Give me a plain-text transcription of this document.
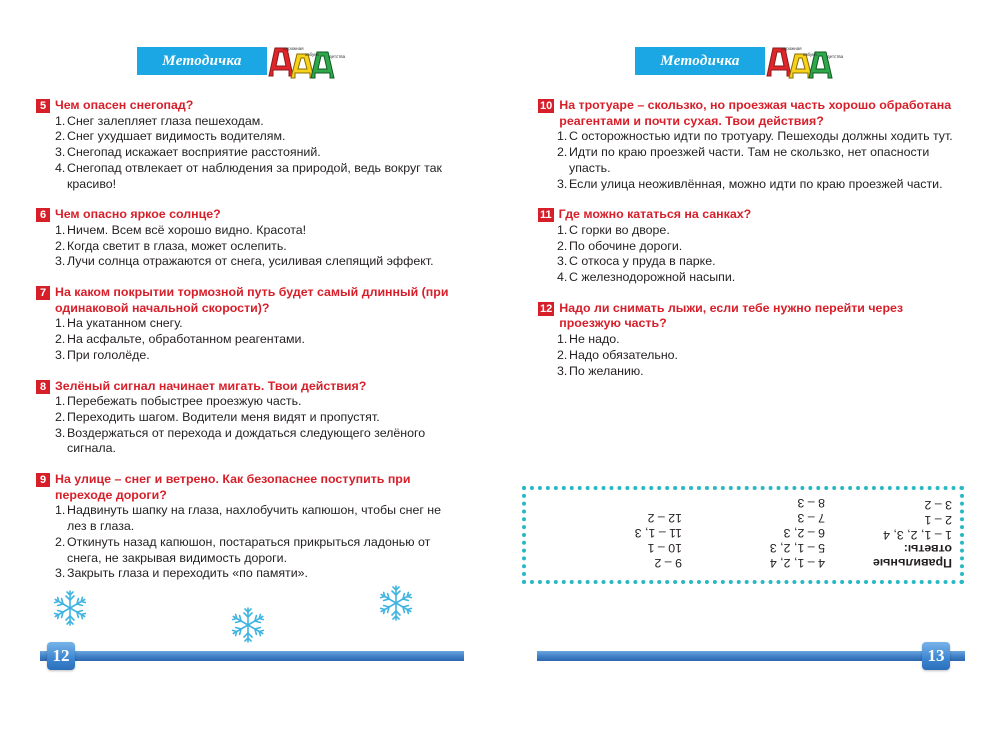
Методичка
дорожная
азбука детства
5 Чем опасен снегопад?
1. Снег залепляет глаза пешеходам.
2. Снег ухудшает видимость водителям.
3. Снегопад искажает восприятие расстояний.
4. Снегопад отвлекает от наблюдения за природой, ведь вокруг так красиво!
6 Чем опасно яркое солнце?
1. Ничем. Всем всё хорошо видно. Красота!
2. Когда светит в глаза, может ослепить.
3. Лучи солнца отражаются от снега, усиливая слепящий эффект.
7 На каком покрытии тормозной путь будет самый длинный (при одинаковой начальной скорости)?
1. На укатанном снегу.
2. На асфальте, обработанном реагентами.
3. При гололёде.
8 Зелёный сигнал начинает мигать. Твои действия?
1. Перебежать побыстрее проезжую часть.
2. Переходить шагом. Водители меня видят и пропустят.
3. Воздержаться от перехода и дождаться следующего зелёного сигнала.
9 На улице – снег и ветрено. Как безопаснее поступить при переходе дороги?
1. Надвинуть шапку на глаза, нахлобучить капюшон, чтобы снег не лез в глаза.
2. Откинуть назад капюшон, постараться прикрыться ладонью от снега, не закрывая видимость дороги.
3. Закрыть глаза и переходить «по памяти».
12
Методичка
дорожная
азбука детства
10 На тротуаре – скользко, но проезжая часть хорошо обработана реагентами и почти сухая. Твои действия?
1. С осторожностью идти по тротуару. Пешеходы должны ходить тут.
2. Идти по краю проезжей части. Там не скользко, нет опасности упасть.
3. Если улица неоживлённая, можно идти по краю проезжей части.
11 Где можно кататься на санках?
1. С горки во дворе.
2. По обочине дороги.
3. С откоса у пруда в парке.
4. С железнодорожной насыпи.
12 Надо ли снимать лыжи, если тебе нужно перейти через проезжую часть?
1. Не надо.
2. Надо обязательно.
3. По желанию.
Правильные
ответы:
1 – 1, 2, 3, 4
2 – 1
3 – 2
4 – 1, 2, 4
5 – 1, 2, 3
6 – 2, 3
7 – 3
8 – 3
9 – 2
10 – 1
11 – 1, 3
12 – 2
13
